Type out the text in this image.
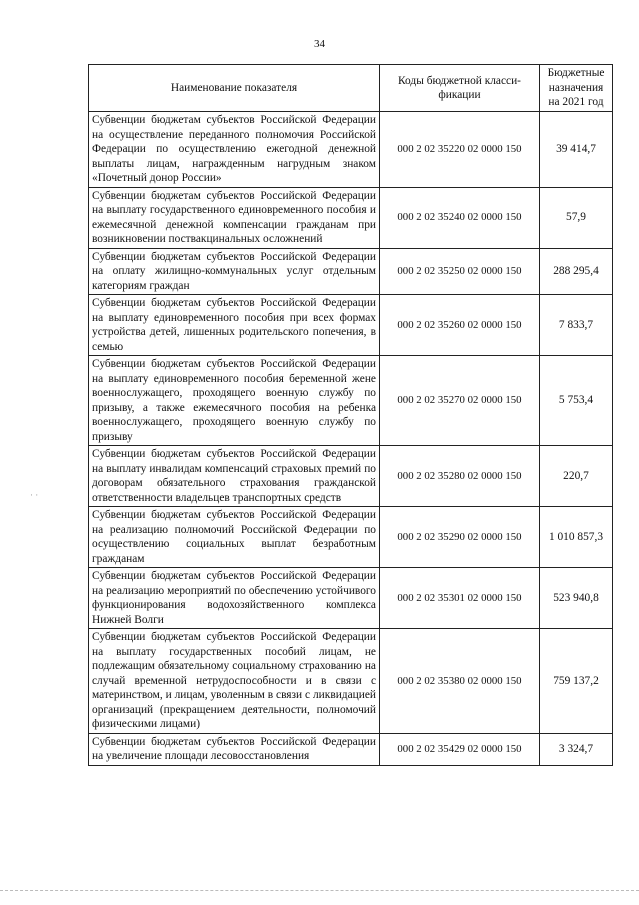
34
Наименование показателя	Коды бюджетной класси-фикации	Бюджетные назначения на 2021 год
Субвенции бюджетам субъектов Российской Федерации на осуществление переданного полномочия Российской Федерации по осуществлению ежегодной денежной выплаты лицам, награжденным нагрудным знаком «Почетный донор России»	000 2 02 35220 02 0000 150	39 414,7
Субвенции бюджетам субъектов Российской Федерации на выплату государственного единовременного пособия и ежемесячной денежной компенсации гражданам при возникновении поствакцинальных осложнений	000 2 02 35240 02 0000 150	57,9
Субвенции бюджетам субъектов Российской Федерации на оплату жилищно-коммунальных услуг отдельным категориям граждан	000 2 02 35250 02 0000 150	288 295,4
Субвенции бюджетам субъектов Российской Федерации на выплату единовременного пособия при всех формах устройства детей, лишенных родительского попечения, в семью	000 2 02 35260 02 0000 150	7 833,7
Субвенции бюджетам субъектов Российской Федерации на выплату единовременного пособия беременной жене военнослужащего, проходящего военную службу по призыву, а также ежемесячного пособия на ребенка военнослужащего, проходящего военную службу по призыву	000 2 02 35270 02 0000 150	5 753,4
Субвенции бюджетам субъектов Российской Федерации на выплату инвалидам компенсаций страховых премий по договорам обязательного страхования гражданской ответственности владельцев транспортных средств	000 2 02 35280 02 0000 150	220,7
Субвенции бюджетам субъектов Российской Федерации на реализацию полномочий Российской Федерации по осуществлению социальных выплат безработным гражданам	000 2 02 35290 02 0000 150	1 010 857,3
Субвенции бюджетам субъектов Российской Федерации на реализацию мероприятий по обеспечению устойчивого функционирования водохозяйственного комплекса Нижней Волги	000 2 02 35301 02 0000 150	523 940,8
Субвенции бюджетам субъектов Российской Федерации на выплату государственных пособий лицам, не подлежащим обязательному социальному страхованию на случай временной нетрудоспособности и в связи с материнством, и лицам, уволенным в связи с ликвидацией организаций (прекращением деятельности, полномочий физическими лицами)	000 2 02 35380 02 0000 150	759 137,2
Субвенции бюджетам субъектов Российской Федерации на увеличение площади лесовосстановления	000 2 02 35429 02 0000 150	3 324,7
· ·
